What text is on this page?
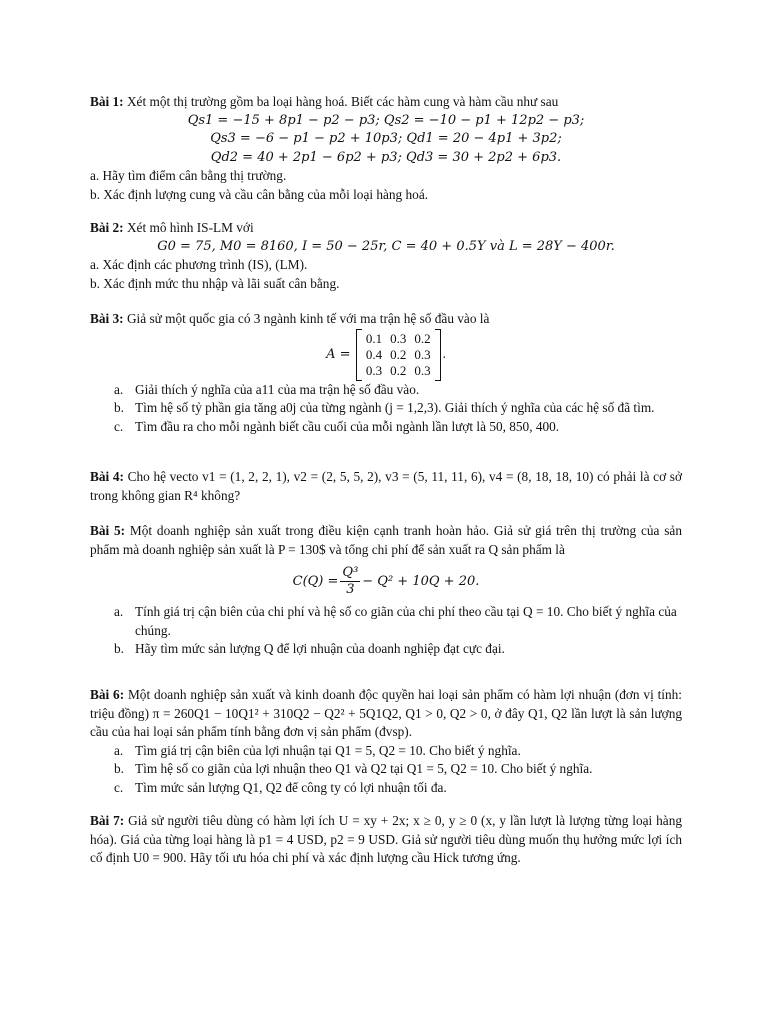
Bài 1: Xét một thị trường gồm ba loại hàng hoá. Biết các hàm cung và hàm cầu như sau
Qs1 = −15 + 8p1 − p2 − p3; Qs2 = −10 − p1 + 12p2 − p3;
Qs3 = −6 − p1 − p2 + 10p3; Qd1 = 20 − 4p1 + 3p2;
Qd2 = 40 + 2p1 − 6p2 + p3; Qd3 = 30 + 2p2 + 6p3.
a. Hãy tìm điểm cân bằng thị trường.
b. Xác định lượng cung và cầu cân bằng của mỗi loại hàng hoá.
Bài 2: Xét mô hình IS-LM với
G0 = 75, M0 = 8160, I = 50 − 25r, C = 40 + 0.5Y và L = 28Y − 400r.
a. Xác định các phương trình (IS), (LM).
b. Xác định mức thu nhập và lãi suất cân bằng.
Bài 3: Giả sử một quốc gia có 3 ngành kinh tế với ma trận hệ số đầu vào là
A =
0.1	0.3	0.2
0.4	0.2	0.3
0.3	0.2	0.3
.
a. Giải thích ý nghĩa của a11 của ma trận hệ số đầu vào.
b. Tìm hệ số tỷ phần gia tăng a0j của từng ngành (j = 1,2,3). Giải thích ý nghĩa của các hệ số đã tìm.
c. Tìm đầu ra cho mỗi ngành biết cầu cuối của mỗi ngành lần lượt là 50, 850, 400.
Bài 4: Cho hệ vecto v1 = (1, 2, 2, 1), v2 = (2, 5, 5, 2), v3 = (5, 11, 11, 6), v4 = (8, 18, 18, 10) có phải là cơ sở trong không gian R⁴ không?
Bài 5: Một doanh nghiệp sản xuất trong điều kiện cạnh tranh hoàn hảo. Giả sử giá trên thị trường của sản phẩm mà doanh nghiệp sản xuất là P = 130$ và tổng chi phí để sản xuất ra Q sản phẩm là
$C(Q) = \frac{\text{Q³}}{3} - Q^2 + 10Q + 20$.
a. Tính giá trị cận biên của chi phí và hệ số co giãn của chi phí theo cầu tại Q = 10. Cho biết ý nghĩa của chúng.
b. Hãy tìm mức sản lượng Q để lợi nhuận của doanh nghiệp đạt cực đại.
Bài 6: Một doanh nghiệp sản xuất và kinh doanh độc quyền hai loại sản phẩm có hàm lợi nhuận (đơn vị tính: triệu đồng) π = 260Q1 − 10Q1² + 310Q2 − Q2² + 5Q1Q2, Q1 > 0, Q2 > 0, ở đây Q1, Q2 lần lượt là sản lượng cầu của hai loại sản phẩm tính bằng đơn vị sản phẩm (đvsp).
a. Tìm giá trị cận biên của lợi nhuận tại Q1 = 5, Q2 = 10. Cho biết ý nghĩa.
b. Tìm hệ số co giãn của lợi nhuận theo Q1 và Q2 tại Q1 = 5, Q2 = 10. Cho biết ý nghĩa.
c. Tìm mức sản lượng Q1, Q2 để công ty có lợi nhuận tối đa.
Bài 7: Giả sử người tiêu dùng có hàm lợi ích U = xy + 2x; x ≥ 0, y ≥ 0 (x, y lần lượt là lượng từng loại hàng hóa). Giá của từng loại hàng là p1 = 4 USD, p2 = 9 USD. Giả sử người tiêu dùng muốn thụ hưởng mức lợi ích cố định U0 = 900. Hãy tối ưu hóa chi phí và xác định lượng cầu Hick tương ứng.
